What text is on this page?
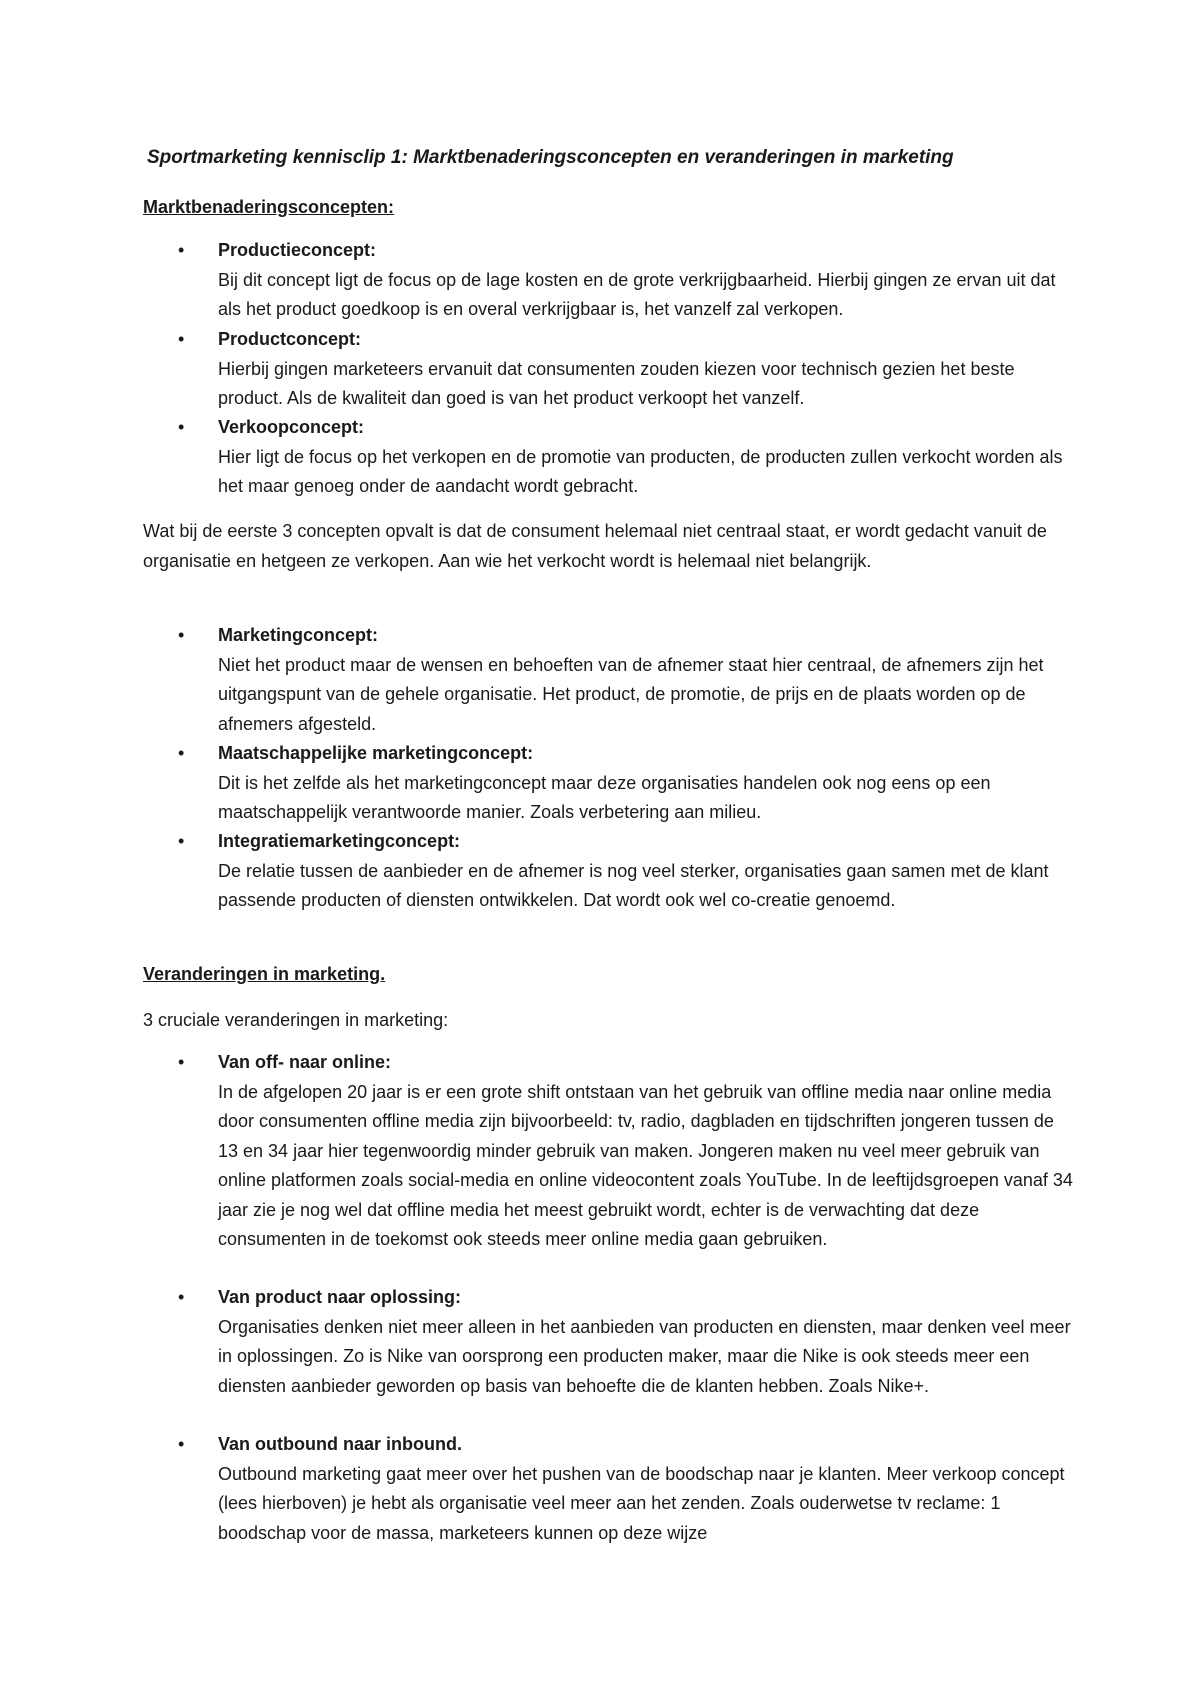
Sportmarketing kennisclip 1: Marktbenaderingsconcepten en veranderingen in marketing
Marktbenaderingsconcepten:
• Productieconcept:
Bij dit concept ligt de focus op de lage kosten en de grote verkrijgbaarheid. Hierbij gingen ze ervan uit dat als het product goedkoop is en overal verkrijgbaar is, het vanzelf zal verkopen.
• Productconcept:
Hierbij gingen marketeers ervanuit dat consumenten zouden kiezen voor technisch gezien het beste product. Als de kwaliteit dan goed is van het product verkoopt het vanzelf.
• Verkoopconcept:
Hier ligt de focus op het verkopen en de promotie van producten, de producten zullen verkocht worden als het maar genoeg onder de aandacht wordt gebracht.

Wat bij de eerste 3 concepten opvalt is dat de consument helemaal niet centraal staat, er wordt gedacht vanuit de organisatie en hetgeen ze verkopen. Aan wie het verkocht wordt is helemaal niet belangrijk.

• Marketingconcept:
Niet het product maar de wensen en behoeften van de afnemer staat hier centraal, de afnemers zijn het uitgangspunt van de gehele organisatie. Het product, de promotie, de prijs en de plaats worden op de afnemers afgesteld.
• Maatschappelijke marketingconcept:
Dit is het zelfde als het marketingconcept maar deze organisaties handelen ook nog eens op een maatschappelijk verantwoorde manier. Zoals verbetering aan milieu.
• Integratiemarketingconcept:
De relatie tussen de aanbieder en de afnemer is nog veel sterker, organisaties gaan samen met de klant passende producten of diensten ontwikkelen. Dat wordt ook wel co-creatie genoemd.
Veranderingen in marketing.

3 cruciale veranderingen in marketing:

• Van off- naar online:
In de afgelopen 20 jaar is er een grote shift ontstaan van het gebruik van offline media naar online media door consumenten offline media zijn bijvoorbeeld: tv, radio, dagbladen en tijdschriften jongeren tussen de 13 en 34 jaar hier tegenwoordig minder gebruik van maken. Jongeren maken nu veel meer gebruik van online platformen zoals social-media en online videocontent zoals YouTube. In de leeftijdsgroepen vanaf 34 jaar zie je nog wel dat offline media het meest gebruikt wordt, echter is de verwachting dat deze consumenten in de toekomst ook steeds meer online media gaan gebruiken.
• Van product naar oplossing:
Organisaties denken niet meer alleen in het aanbieden van producten en diensten, maar denken veel meer in oplossingen. Zo is Nike van oorsprong een producten maker, maar die Nike is ook steeds meer een diensten aanbieder geworden op basis van behoefte die de klanten hebben. Zoals Nike+.
• Van outbound naar inbound.
Outbound marketing gaat meer over het pushen van de boodschap naar je klanten. Meer verkoop concept (lees hierboven) je hebt als organisatie veel meer aan het zenden. Zoals ouderwetse tv reclame: 1 boodschap voor de massa, marketeers kunnen op deze wijze
